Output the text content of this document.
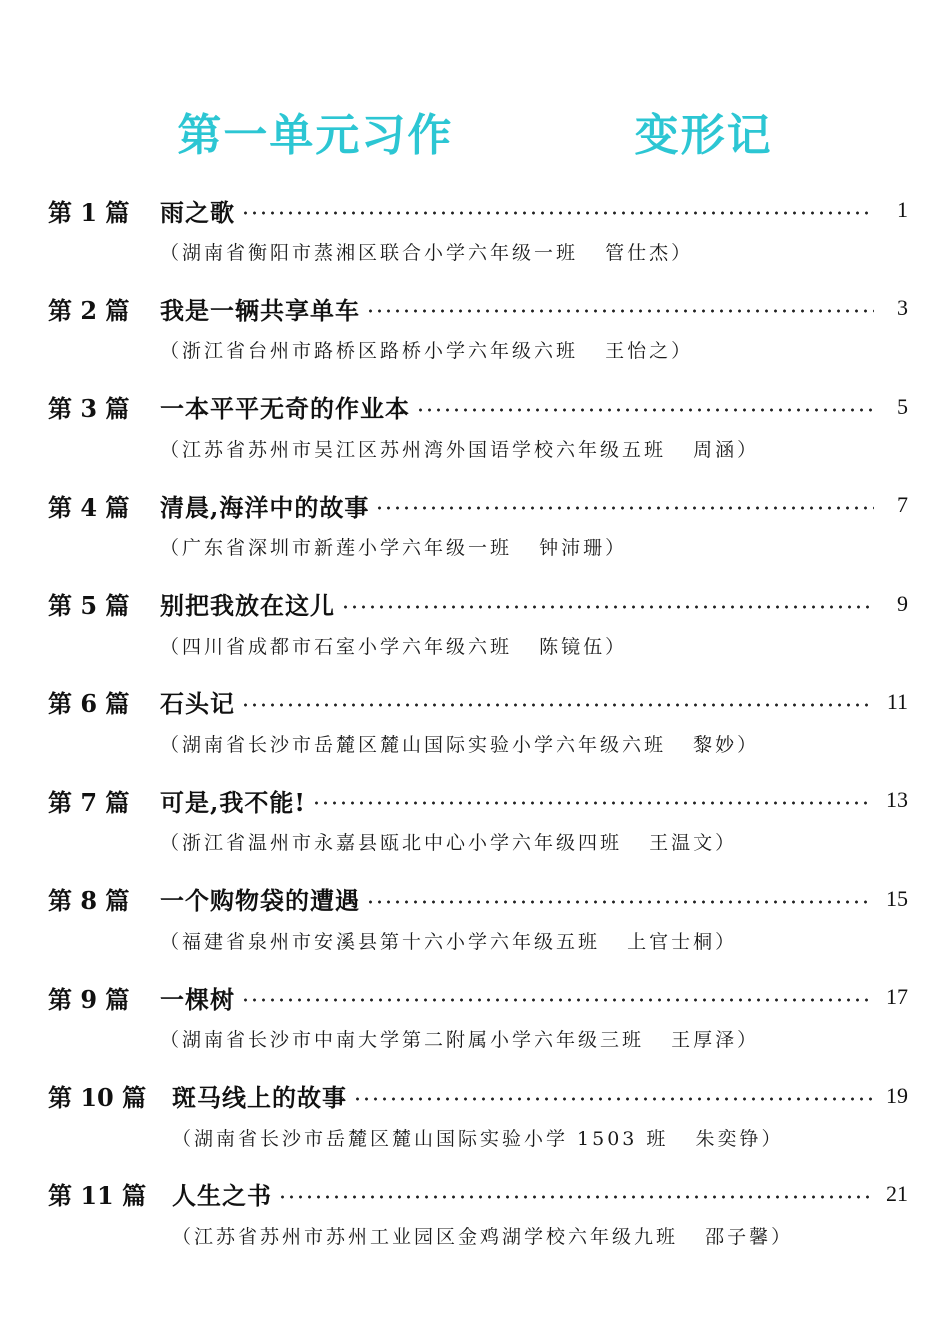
第一单元习作    变形记
第 1 篇	雨之歌	1
（湖南省衡阳市蒸湘区联合小学六年级一班   管仕杰）
第 2 篇	我是一辆共享单车	3
（浙江省台州市路桥区路桥小学六年级六班   王怡之）
第 3 篇	一本平平无奇的作业本	5
（江苏省苏州市吴江区苏州湾外国语学校六年级五班   周涵）
第 4 篇	清晨,海洋中的故事	7
（广东省深圳市新莲小学六年级一班   钟沛珊）
第 5 篇	别把我放在这儿	9
（四川省成都市石室小学六年级六班   陈镜伍）
第 6 篇	石头记	11
（湖南省长沙市岳麓区麓山国际实验小学六年级六班   黎妙）
第 7 篇	可是,我不能!	13
（浙江省温州市永嘉县瓯北中心小学六年级四班   王温文）
第 8 篇	一个购物袋的遭遇	15
（福建省泉州市安溪县第十六小学六年级五班   上官士桐）
第 9 篇	一棵树	17
（湖南省长沙市中南大学第二附属小学六年级三班   王厚泽）
第 10 篇	斑马线上的故事	19
（湖南省长沙市岳麓区麓山国际实验小学 1503 班   朱奕铮）
第 11 篇	人生之书	21
（江苏省苏州市苏州工业园区金鸡湖学校六年级九班   邵子馨）
